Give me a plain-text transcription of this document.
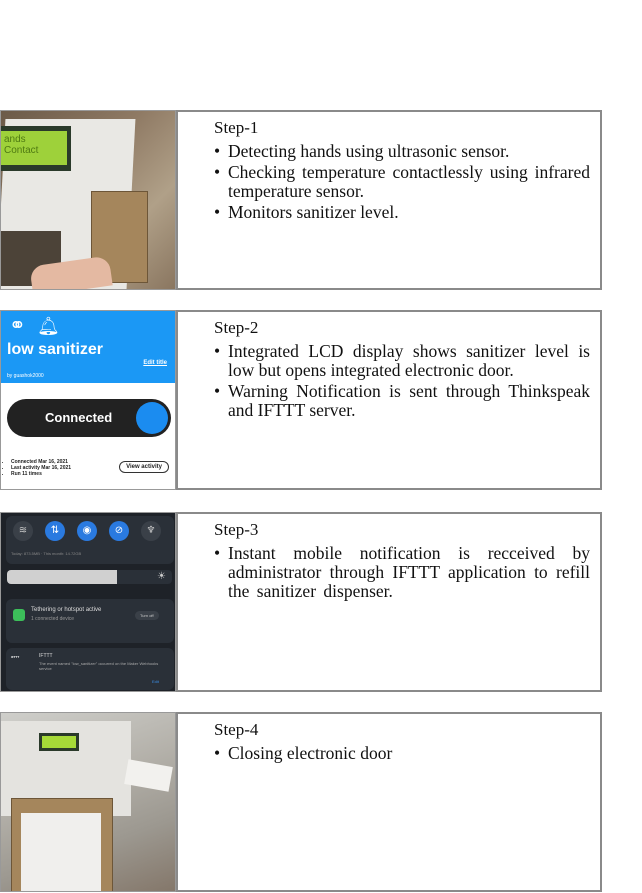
ands
Contact
Step-1
• Detecting hands using ultrasonic sensor.
• Checking temperature contactlessly using infrared temperature sensor.
• Monitors sanitizer level.
⚭ 🔔︎
low sanitizer
Edit title
by guashok2000
Connected
• Connected Mar 16, 2021
• Last activity Mar 16, 2021
• Run 11 times
View activity
Step-2
• Integrated LCD display shows sanitizer level is low but opens integrated electronic door.
• Warning Notification is sent through Thinkspeak and IFTTT server.
≋	⇅	◉	⊘	♆
Today: 873.5MB · This month: 14.72GB
☀
Tethering or hotspot active
1 connected device
Turn off
IFTTT	IFTTT
The event named "low_sanitizer" occurred on the Maker Webhooks service
Edit
Step-3
• Instant mobile notification is recceived by administrator through IFTTT application to refill the sanitizer dispenser.
Step-4
• Closing electronic door
